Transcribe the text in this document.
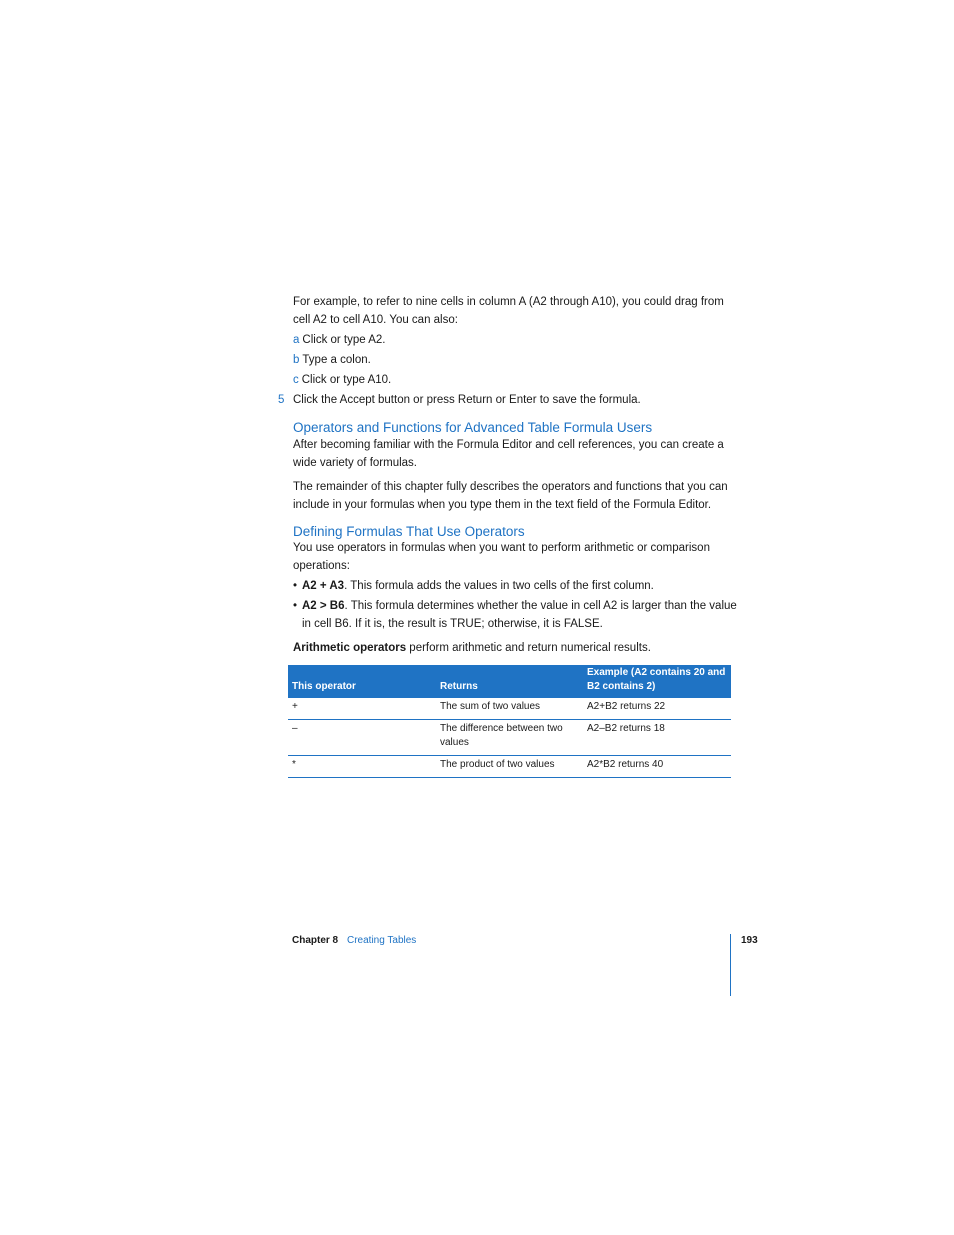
For example, to refer to nine cells in column A (A2 through A10), you could drag from cell A2 to cell A10. You can also:

a Click or type A2.

b Type a colon.

c Click or type A10.

5 Click the Accept button or press Return or Enter to save the formula.

Operators and Functions for Advanced Table Formula Users

After becoming familiar with the Formula Editor and cell references, you can create a wide variety of formulas.

The remainder of this chapter fully describes the operators and functions that you can include in your formulas when you type them in the text field of the Formula Editor.

Defining Formulas That Use Operators

You use operators in formulas when you want to perform arithmetic or comparison operations:

• A2 + A3. This formula adds the values in two cells of the first column.

• A2 > B6. This formula determines whether the value in cell A2 is larger than the value in cell B6. If it is, the result is TRUE; otherwise, it is FALSE.

Arithmetic operators perform arithmetic and return numerical results.

This operator	Returns	Example (A2 contains 20 and B2 contains 2)
+	The sum of two values	A2+B2 returns 22
–	The difference between two values	A2–B2 returns 18
*	The product of two values	A2*B2 returns 40
Chapter 8 Creating Tables	193
